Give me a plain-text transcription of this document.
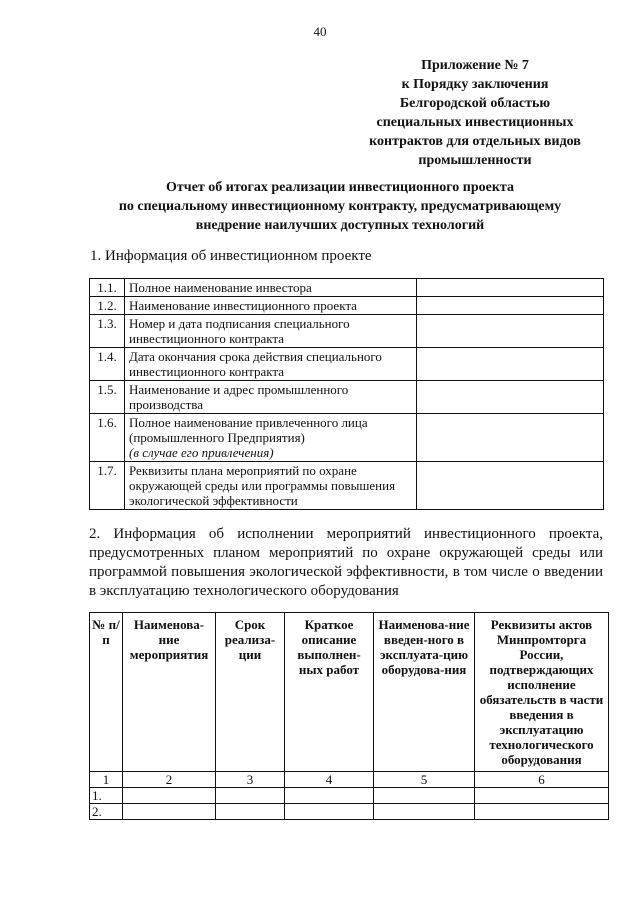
40
Приложение № 7
к Порядку заключения
Белгородской областью
специальных инвестиционных
контрактов для отдельных видов
промышленности
Отчет об итогах реализации инвестиционного проекта
по специальному инвестиционному контракту, предусматривающему
внедрение наилучших доступных технологий
1. Информация об инвестиционном проекте
1.1.	Полное наименование инвестора	
1.2.	Наименование инвестиционного проекта	
1.3.	Номер и дата подписания специального инвестиционного контракта	
1.4.	Дата окончания срока действия специального инвестиционного контракта	
1.5.	Наименование и адрес промышленного производства	
1.6.	Полное наименование привлеченного лица (промышленного Предприятия)
(в случае его привлечения)	
1.7.	Реквизиты плана мероприятий по охране окружающей среды или программы повышения экологической эффективности	
2. Информация об исполнении мероприятий инвестиционного проекта, предусмотренных планом мероприятий по охране окружающей среды или программой повышения экологической эффективности, в том числе о введении в эксплуатацию технологического оборудования
№ п/п	Наименова-ние мероприятия	Срок реализа-ции	Краткое описание выполнен-ных работ	Наименова-ние введен-ного в эксплуата-цию оборудова-ния	Реквизиты актов Минпромторга России, подтверждающих исполнение обязательств в части введения в эксплуатацию технологического оборудования
1	2	3	4	5	6
1.					
2.					
